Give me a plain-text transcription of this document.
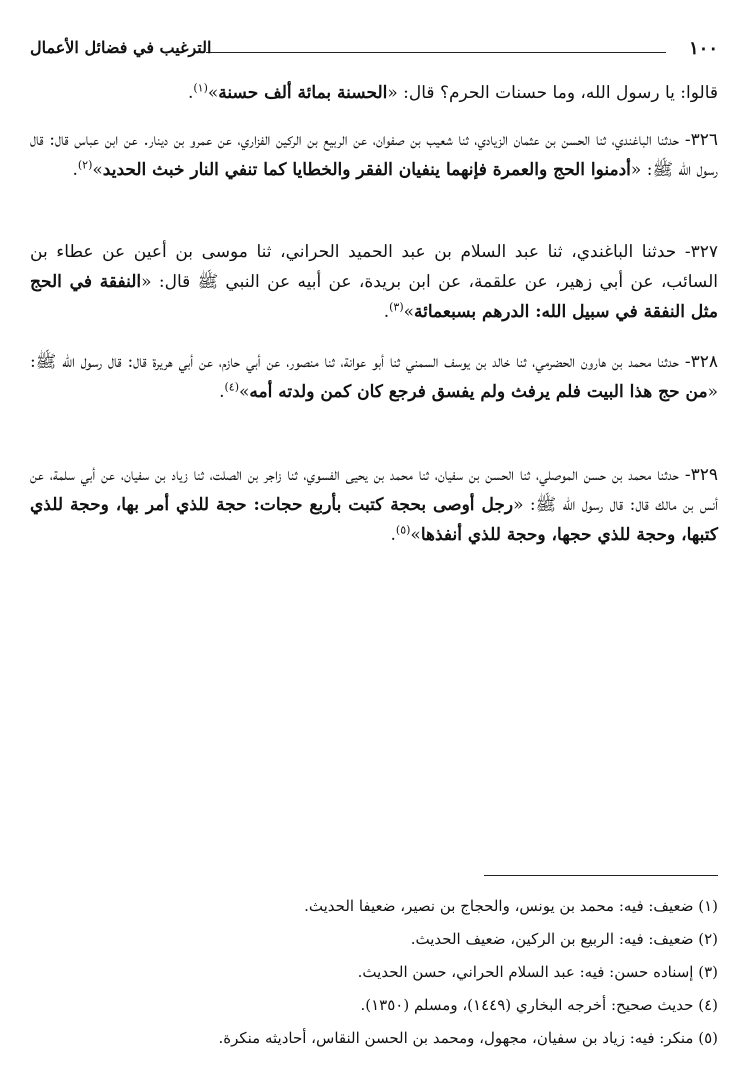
١٠٠
الترغيب في فضائل الأعمال

قالوا: يا رسول الله، وما حسنات الحرم؟ قال: «الحسنة بمائة ألف حسنة»$^{(١)}$.

٣٢٦- حدثنا الباغندي، ثنا الحسن بن عثمان الزيادي، ثنا شعيب بن صفوان، عن الربيع بن الركين الفزاري، عن عمرو بن دينار. عن ابن عباس قال: قال رسول الله ﷺ: «أدمنوا الحج والعمرة فإنهما ينفيان الفقر والخطايا كما تنفي النار خبث الحديد»$^{(٢)}$.

٣٢٧- حدثنا الباغندي، ثنا عبد السلام بن عبد الحميد الحراني، ثنا موسى بن أعين عن عطاء بن السائب، عن أبي زهير، عن علقمة، عن ابن بريدة، عن أبيه عن النبي ﷺ قال: «النفقة في الحج مثل النفقة في سبيل الله: الدرهم بسبعمائة»$^{(٣)}$.

٣٢٨- حدثنا محمد بن هارون الحضرمي، ثنا خالد بن يوسف السمني ثنا أبو عوانة، ثنا منصور، عن أبي حازم، عن أبي هريرة قال: قال رسول الله ﷺ: «من حج هذا البيت فلم يرفث ولم يفسق فرجع كان كمن ولدته أمه»$^{(٤)}$.

٣٢٩- حدثنا محمد بن حسن الموصلي، ثنا الحسن بن سفيان، ثنا محمد بن يحيى الفسوي، ثنا زاجر بن الصلت، ثنا زياد بن سفيان، عن أبي سلمة، عن أنس بن مالك قال: قال رسول الله ﷺ: «رجل أوصى بحجة كتبت بأربع حجات: حجة للذي أمر بها، وحجة للذي كتبها، وحجة للذي حجها، وحجة للذي أنفذها»$^{(٥)}$.

(١) ضعيف: فيه: محمد بن يونس، والحجاج بن نصير، ضعيفا الحديث.

(٢) ضعيف: فيه: الربيع بن الركين، ضعيف الحديث.

(٣) إسناده حسن: فيه: عبد السلام الحراني، حسن الحديث.

(٤) حديث صحيح: أخرجه البخاري (١٤٤٩)، ومسلم (١٣٥٠).

(٥) منكر: فيه: زياد بن سفيان، مجهول، ومحمد بن الحسن النقاس، أحاديثه منكرة.
